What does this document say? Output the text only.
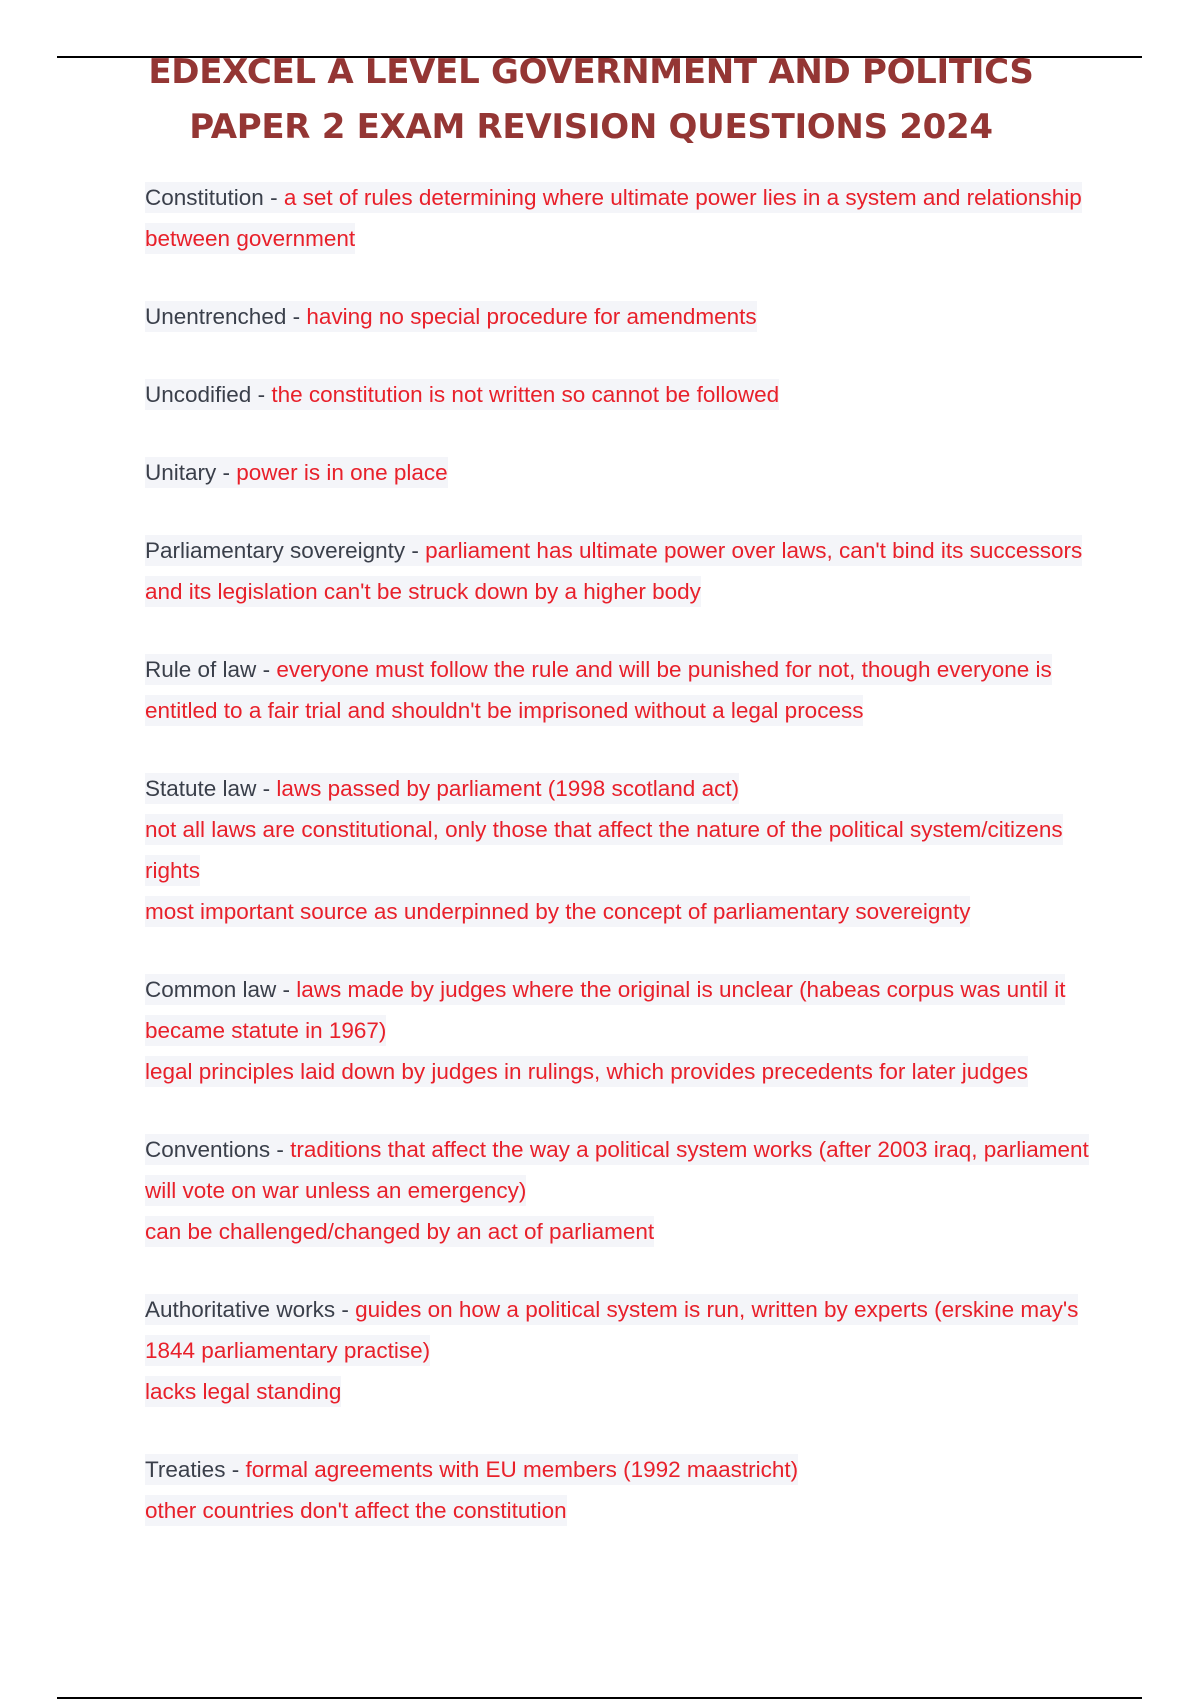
EDEXCEL A LEVEL GOVERNMENT AND POLITICS
PAPER 2 EXAM REVISION QUESTIONS 2024

Constitution - a set of rules determining where ultimate power lies in a system and relationship between government

Unentrenched - having no special procedure for amendments

Uncodified - the constitution is not written so cannot be followed

Unitary - power is in one place

Parliamentary sovereignty - parliament has ultimate power over laws, can't bind its successors and its legislation can't be struck down by a higher body

Rule of law - everyone must follow the rule and will be punished for not, though everyone is entitled to a fair trial and shouldn't be imprisoned without a legal process

Statute law - laws passed by parliament (1998 scotland act)

not all laws are constitutional, only those that affect the nature of the political system/citizens rights

most important source as underpinned by the concept of parliamentary sovereignty

Common law - laws made by judges where the original is unclear (habeas corpus was until it became statute in 1967)

legal principles laid down by judges in rulings, which provides precedents for later judges

Conventions - traditions that affect the way a political system works (after 2003 iraq, parliament will vote on war unless an emergency)

can be challenged/changed by an act of parliament

Authoritative works - guides on how a political system is run, written by experts (erskine may's 1844 parliamentary practise)

lacks legal standing

Treaties - formal agreements with EU members (1992 maastricht)

other countries don't affect the constitution
